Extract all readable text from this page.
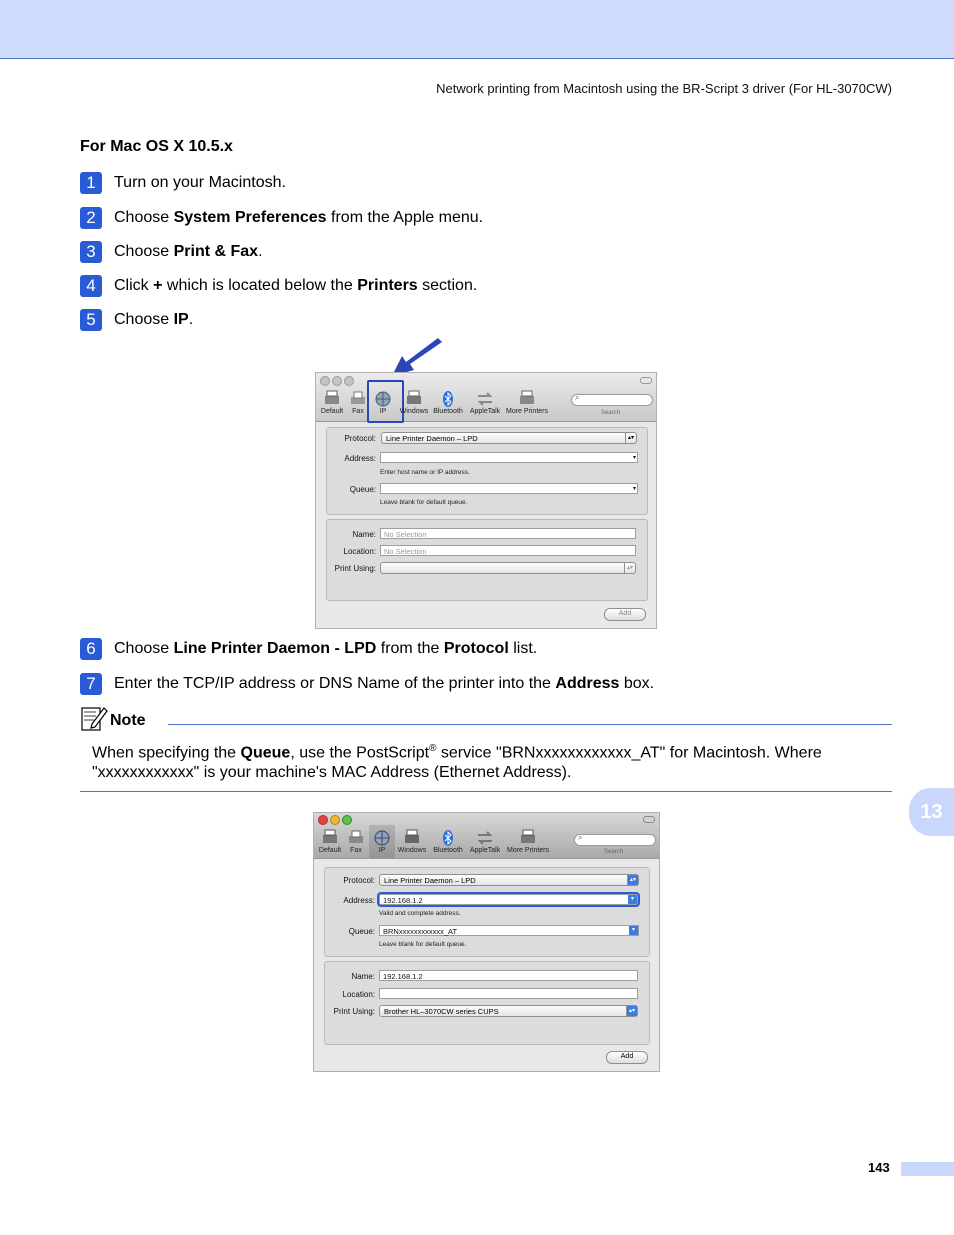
Network printing from Macintosh using the BR-Script 3 driver (For HL-3070CW)
For Mac OS X 10.5.x
1	Turn on your Macintosh.
2	Choose System Preferences from the Apple menu.
3	Choose Print & Fax .
4	Click + which is located below the Printers section.
5	Choose IP .
Default	Fax	IP	Windows Bluetooth	AppleTalk More Printers
⌕
Search
Protocol:	Line Printer Daemon – LPD	▴▾
Address:	▾
Enter host name or IP address.
Queue:	▾
Leave blank for default queue.
Name:	No Selection
Location:	No Selection
Print Using:	▴▾
Add
6	Choose Line Printer Daemon - LPD from the Protocol list.
7	Enter the TCP/IP address or DNS Name of the printer into the Address box.
Note
When specifying the Queue, use the PostScript® service "BRNxxxxxxxxxxxx_AT" for Macintosh. Where "xxxxxxxxxxxx" is your machine's MAC Address (Ethernet Address).
Default	Fax	IP	Windows	Bluetooth	AppleTalk More Printers
⌕
Search
Protocol:	Line Printer Daemon – LPD	▴▾
Address:	192.168.1.2	▾
Valid and complete address.
Queue:	BRNxxxxxxxxxxxx_AT	▾
Leave blank for default queue.
Name:	192.168.1.2
Location:
Print Using:	Brother HL–3070CW series CUPS	▴▾
Add
13
143
